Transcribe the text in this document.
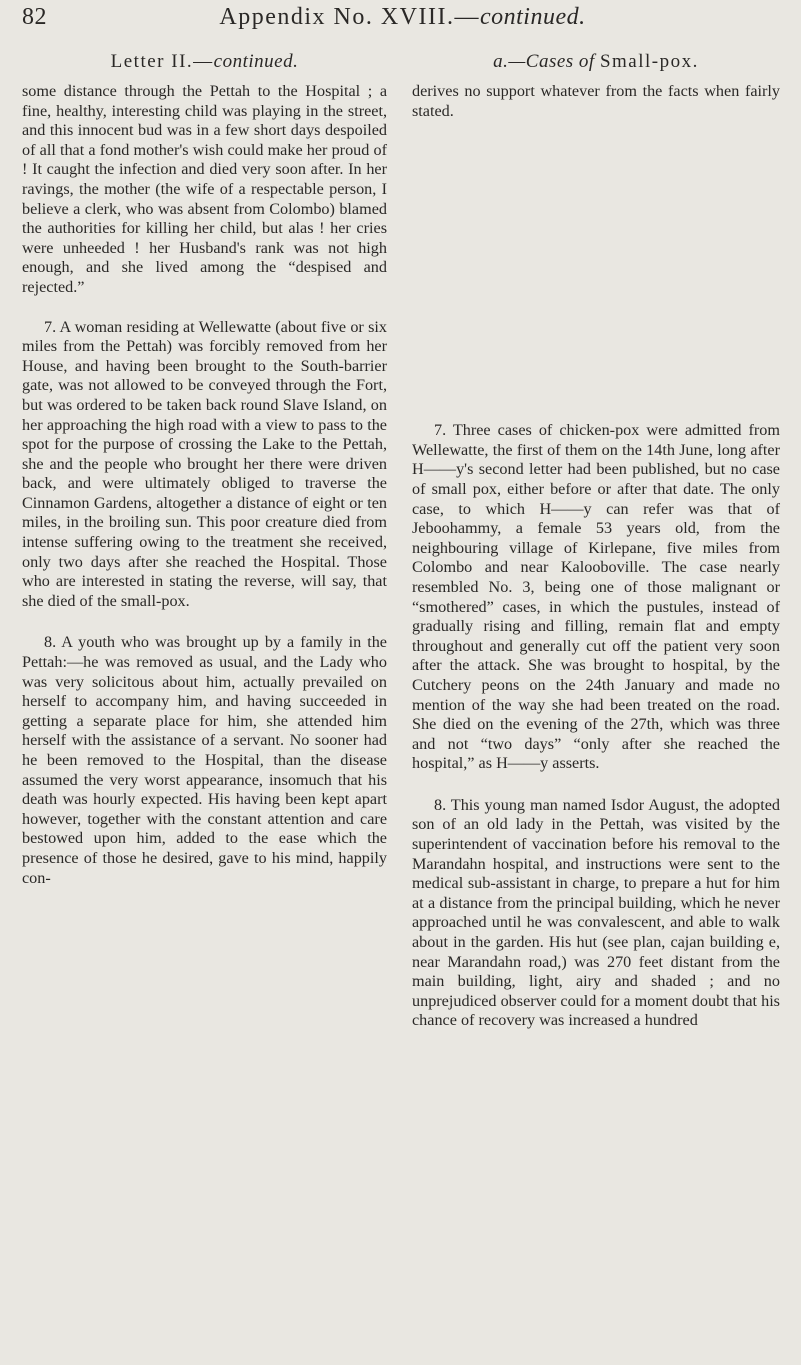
82	Appendix No. XVIII.—continued.
Letter II.—continued.

some distance through the Pettah to the Hospital ; a fine, healthy, interesting child was playing in the street, and this innocent bud was in a few short days despoiled of all that a fond mother's wish could make her proud of ! It caught the infection and died very soon after. In her ravings, the mother (the wife of a respectable person, I believe a clerk, who was absent from Colombo) blamed the authorities for killing her child, but alas ! her cries were unheeded ! her Husband's rank was not high enough, and she lived among the “despised and rejected.”

7. A woman residing at Wellewatte (about five or six miles from the Pettah) was forcibly removed from her House, and having been brought to the South-barrier gate, was not allowed to be conveyed through the Fort, but was ordered to be taken back round Slave Island, on her approaching the high road with a view to pass to the spot for the purpose of crossing the Lake to the Pettah, she and the people who brought her there were driven back, and were ultimately obliged to traverse the Cinnamon Gardens, altogether a distance of eight or ten miles, in the broiling sun. This poor creature died from intense suffering owing to the treatment she received, only two days after she reached the Hospital. Those who are interested in stating the reverse, will say, that she died of the small-pox.

8. A youth who was brought up by a family in the Pettah:—he was removed as usual, and the Lady who was very solicitous about him, actually prevailed on herself to accompany him, and having succeeded in getting a separate place for him, she attended him herself with the assistance of a servant. No sooner had he been removed to the Hospital, than the disease assumed the very worst appearance, insomuch that his death was hourly expected. His having been kept apart however, together with the constant attention and care bestowed upon him, added to the ease which the presence of those he desired, gave to his mind, happily con-

a.—Cases of Small-pox.

derives no support whatever from the facts when fairly stated.

7. Three cases of chicken-pox were admitted from Wellewatte, the first of them on the 14th June, long after H——y's second letter had been published, but no case of small pox, either before or after that date. The only case, to which H——y can refer was that of Jeboohammy, a female 53 years old, from the neighbouring village of Kirlepane, five miles from Colombo and near Kalooboville. The case nearly resembled No. 3, being one of those malignant or “smothered” cases, in which the pustules, instead of gradually rising and filling, remain flat and empty throughout and generally cut off the patient very soon after the attack. She was brought to hospital, by the Cutchery peons on the 24th January and made no mention of the way she had been treated on the road. She died on the evening of the 27th, which was three and not “two days” “only after she reached the hospital,” as H——y asserts.

8. This young man named Isdor August, the adopted son of an old lady in the Pettah, was visited by the superintendent of vaccination before his removal to the Marandahn hospital, and instructions were sent to the medical sub-assistant in charge, to prepare a hut for him at a distance from the principal building, which he never approached until he was convalescent, and able to walk about in the garden. His hut (see plan, cajan building e, near Marandahn road,) was 270 feet distant from the main building, light, airy and shaded ; and no unprejudiced observer could for a moment doubt that his chance of recovery was increased a hundred
